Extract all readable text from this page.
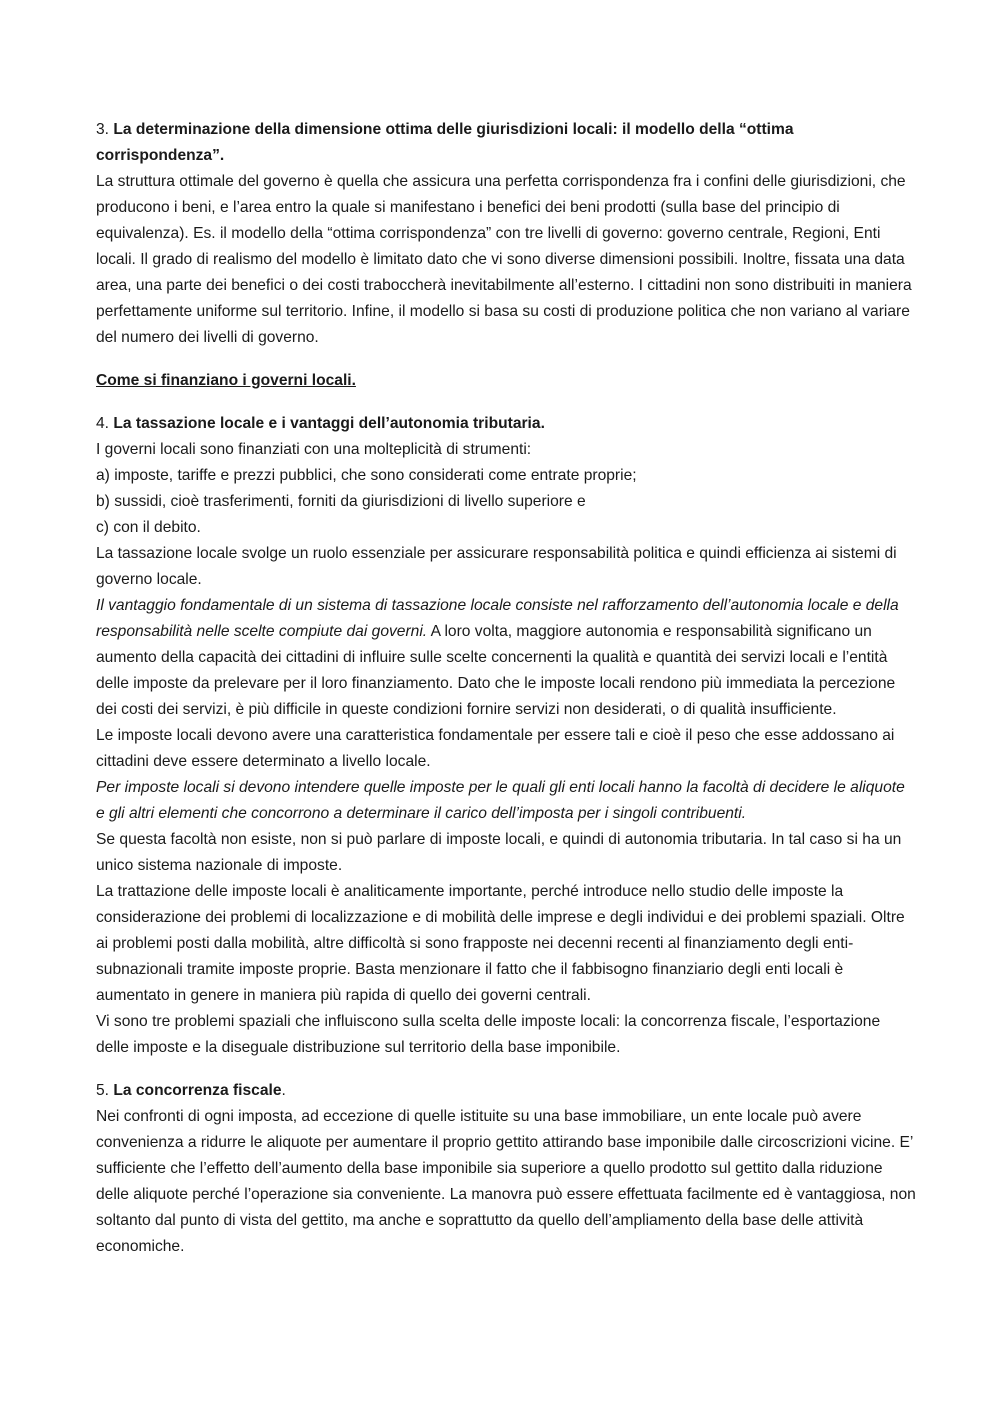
3. La determinazione della dimensione ottima delle giurisdizioni locali: il modello della “ottima corrispondenza”.

La struttura ottimale del governo è quella che assicura una perfetta corrispondenza fra i confini delle giurisdizioni, che producono i beni, e l’area entro la quale si manifestano i benefici dei beni prodotti (sulla base del principio di equivalenza). Es. il modello della “ottima corrispondenza” con tre livelli di governo: governo centrale, Regioni, Enti locali. Il grado di realismo del modello è limitato dato che vi sono diverse dimensioni possibili. Inoltre, fissata una data area, una parte dei benefici o dei costi traboccherà inevitabilmente all’esterno. I cittadini non sono distribuiti in maniera perfettamente uniforme sul territorio. Infine, il modello si basa su costi di produzione politica che non variano al variare del numero dei livelli di governo.

Come si finanziano i governi locali.

4. La tassazione locale e i vantaggi dell’autonomia tributaria.

I governi locali sono finanziati con una molteplicità di strumenti:

a) imposte, tariffe e prezzi pubblici, che sono considerati come entrate proprie;

b) sussidi, cioè trasferimenti, forniti da giurisdizioni di livello superiore e

c) con il debito.

La tassazione locale svolge un ruolo essenziale per assicurare responsabilità politica e quindi efficienza ai sistemi di governo locale.

Il vantaggio fondamentale di un sistema di tassazione locale consiste nel rafforzamento dell’autonomia locale e della responsabilità nelle scelte compiute dai governi. A loro volta, maggiore autonomia e responsabilità significano un aumento della capacità dei cittadini di influire sulle scelte concernenti la qualità e quantità dei servizi locali e l’entità delle imposte da prelevare per il loro finanziamento. Dato che le imposte locali rendono più immediata la percezione dei costi dei servizi, è più difficile in queste condizioni fornire servizi non desiderati, o di qualità insufficiente.

Le imposte locali devono avere una caratteristica fondamentale per essere tali e cioè il peso che esse addossano ai cittadini deve essere determinato a livello locale.

Per imposte locali si devono intendere quelle imposte per le quali gli enti locali hanno la facoltà di decidere le aliquote e gli altri elementi che concorrono a determinare il carico dell’imposta per i singoli contribuenti.

Se questa facoltà non esiste, non si può parlare di imposte locali, e quindi di autonomia tributaria. In tal caso si ha un unico sistema nazionale di imposte.

La trattazione delle imposte locali è analiticamente importante, perché introduce nello studio delle imposte la considerazione dei problemi di localizzazione e di mobilità delle imprese e degli individui e dei problemi spaziali. Oltre ai problemi posti dalla mobilità, altre difficoltà si sono frapposte nei decenni recenti al finanziamento degli enti-subnazionali tramite imposte proprie. Basta menzionare il fatto che il fabbisogno finanziario degli enti locali è aumentato in genere in maniera più rapida di quello dei governi centrali.

Vi sono tre problemi spaziali che influiscono sulla scelta delle imposte locali: la concorrenza fiscale, l’esportazione delle imposte e la diseguale distribuzione sul territorio della base imponibile.

5. La concorrenza fiscale.

Nei confronti di ogni imposta, ad eccezione di quelle istituite su una base immobiliare, un ente locale può avere convenienza a ridurre le aliquote per aumentare il proprio gettito attirando base imponibile dalle circoscrizioni vicine. E’ sufficiente che l’effetto dell’aumento della base imponibile sia superiore a quello prodotto sul gettito dalla riduzione delle aliquote perché l’operazione sia conveniente. La manovra può essere effettuata facilmente ed è vantaggiosa, non soltanto dal punto di vista del gettito, ma anche e soprattutto da quello dell’ampliamento della base delle attività economiche.
